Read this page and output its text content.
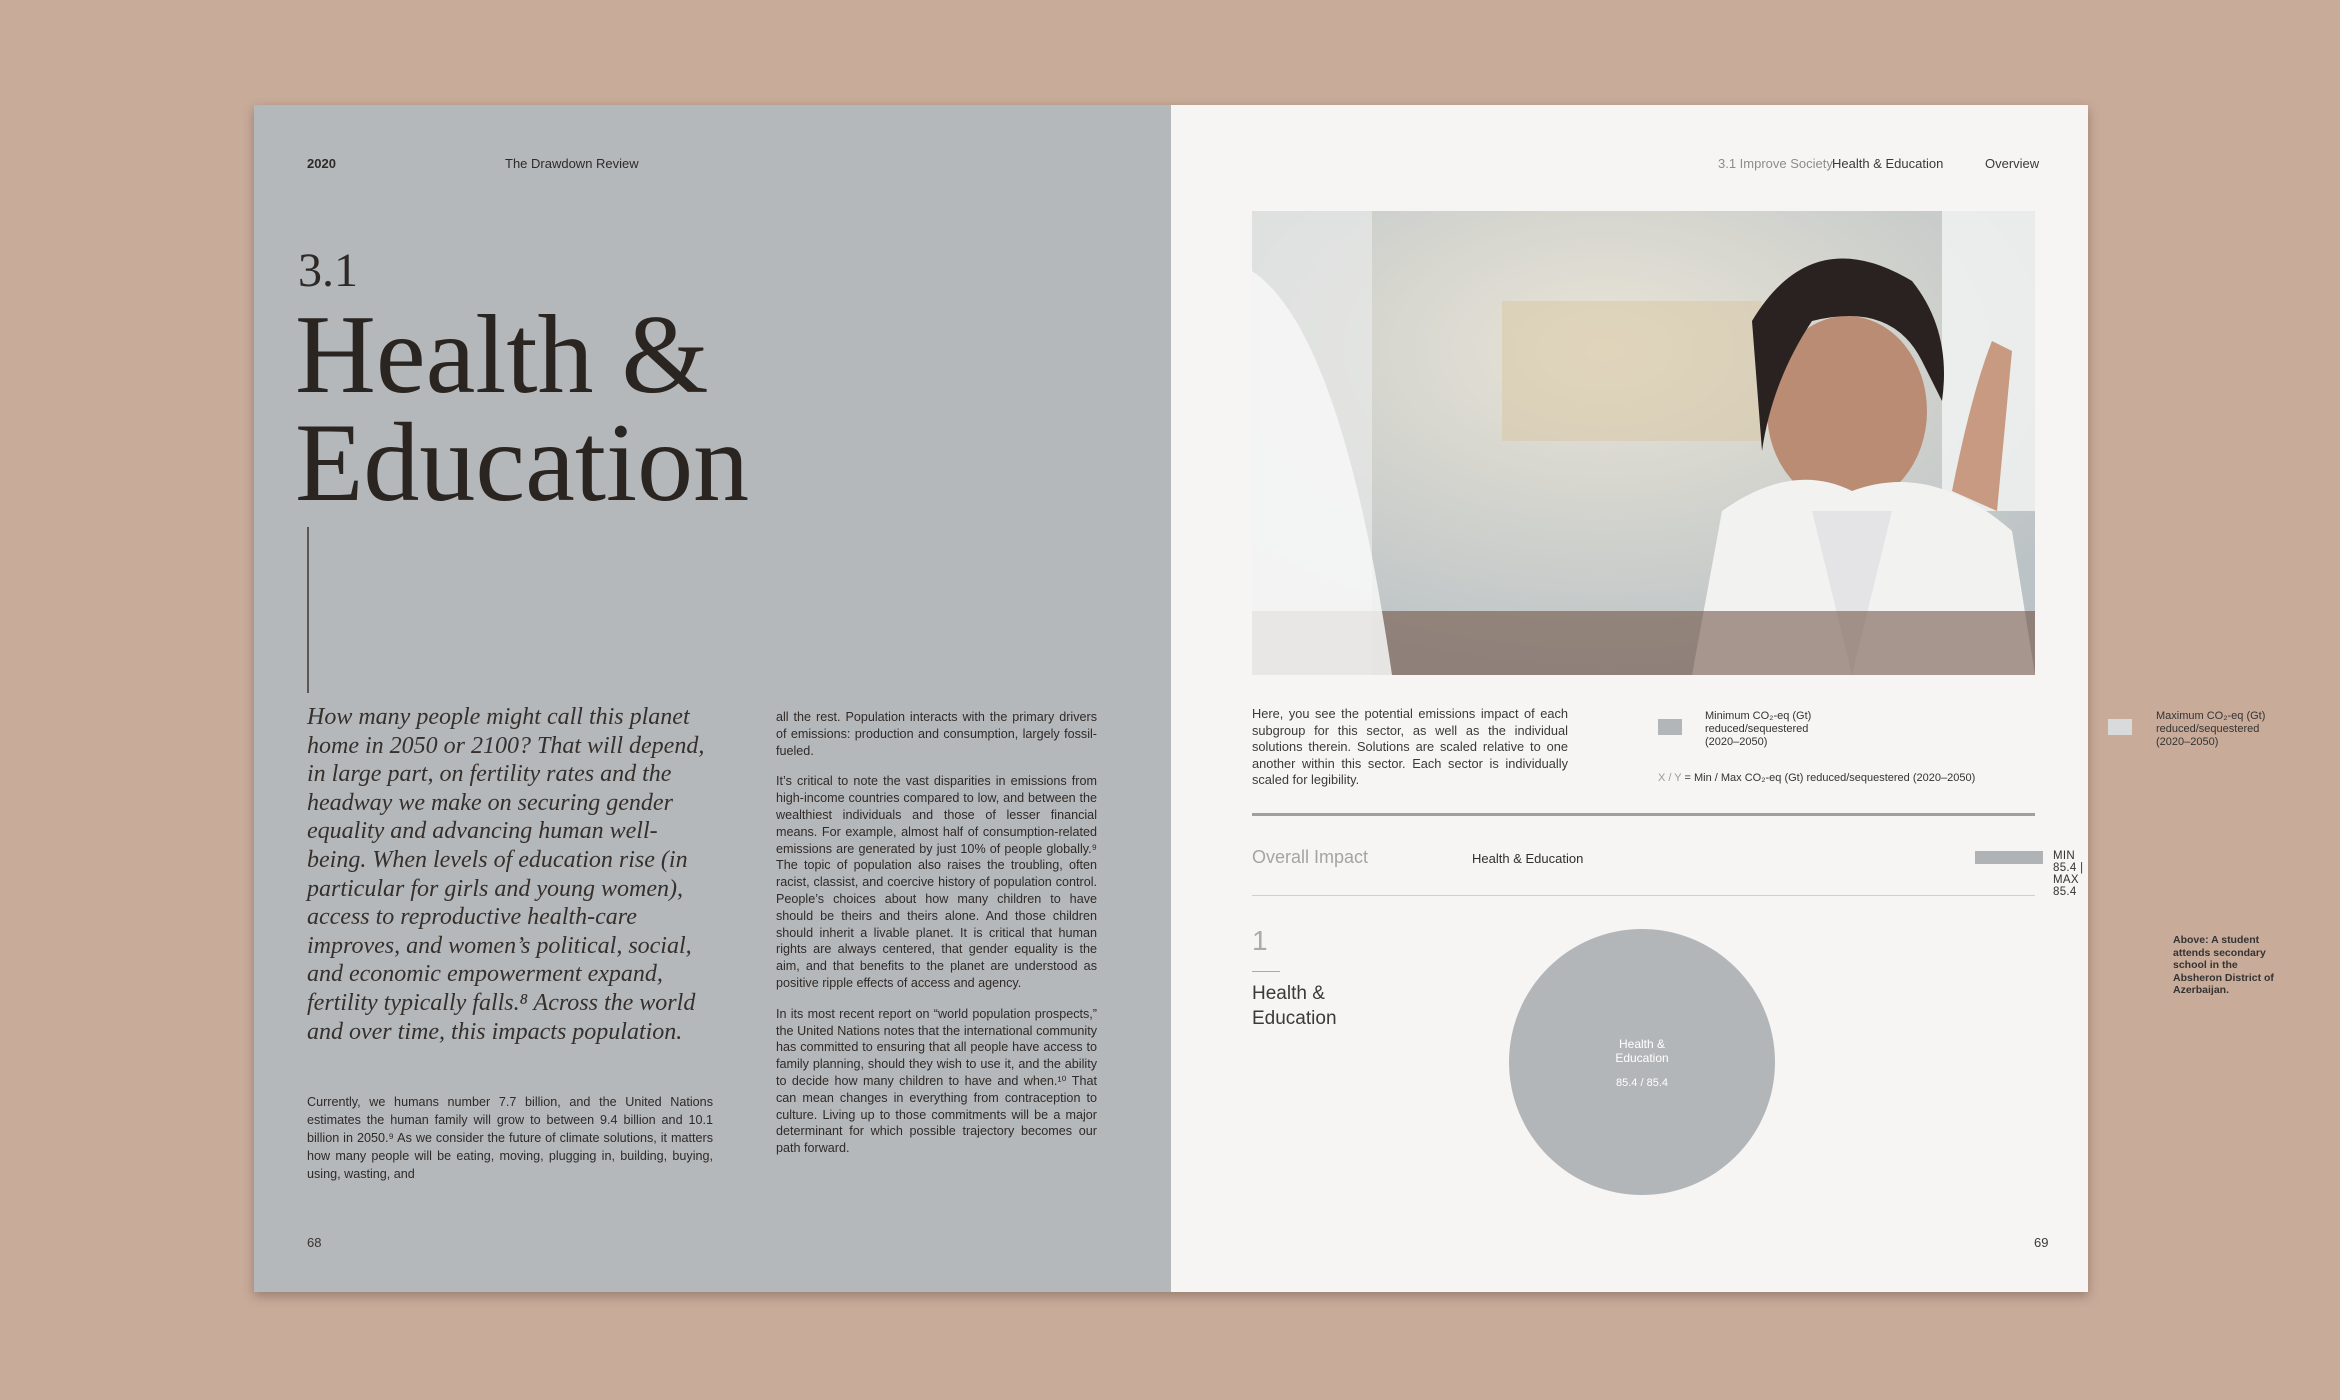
2020	The Drawdown Review
3.1
Health &
Education
How many people might call this planet home in 2050 or 2100? That will depend, in large part, on fertility rates and the headway we make on securing gender equality and advancing human well-being. When levels of education rise (in particular for girls and young women), access to reproductive health-care improves, and women’s political, social, and economic empowerment expand, fertility typically falls.⁸ Across the world and over time, this impacts population.
Currently, we humans number 7.7 billion, and the United Nations estimates the human family will grow to between 9.4 billion and 10.1 billion in 2050.⁹ As we consider the future of climate solutions, it matters how many people will be eating, moving, plugging in, building, buying, using, wasting, and

all the rest. Population interacts with the primary drivers of emissions: production and consumption, largely fossil-fueled.

It’s critical to note the vast disparities in emissions from high-income countries compared to low, and between the wealthiest individuals and those of lesser financial means. For example, almost half of consumption-related emissions are generated by just 10% of people globally.⁹ The topic of population also raises the troubling, often racist, classist, and coercive history of population control. People’s choices about how many children to have should be theirs and theirs alone. And those children should inherit a livable planet. It is critical that human rights are always centered, that gender equality is the aim, and that benefits to the planet are understood as positive ripple effects of access and agency.

In its most recent report on “world population prospects,” the United Nations notes that the international community has committed to ensuring that all people have access to family planning, should they wish to use it, and the ability to decide how many children to have and when.¹⁰ That can mean changes in everything from contraception to culture. Living up to those commitments will be a major determinant for which possible trajectory becomes our path forward.

68
3.1 Improve Society Health & Education	Overview
Here, you see the potential emissions impact of each subgroup for this sector, as well as the individual solutions therein. Solutions are scaled relative to one another within this sector. Each sector is individually scaled for legibility.
Minimum CO₂-eq (Gt) reduced/sequestered (2020–2050)
Maximum CO₂-eq (Gt) reduced/sequestered (2020–2050)
X / Y = Min / Max CO₂-eq (Gt) reduced/sequestered (2020–2050)
Overall Impact	Health & Education	MIN 85.4 | MAX 85.4
1
Health & Education
Health &
Education
85.4 / 85.4
Above: A student attends secondary school in the Absheron District of Azerbaijan.
69
